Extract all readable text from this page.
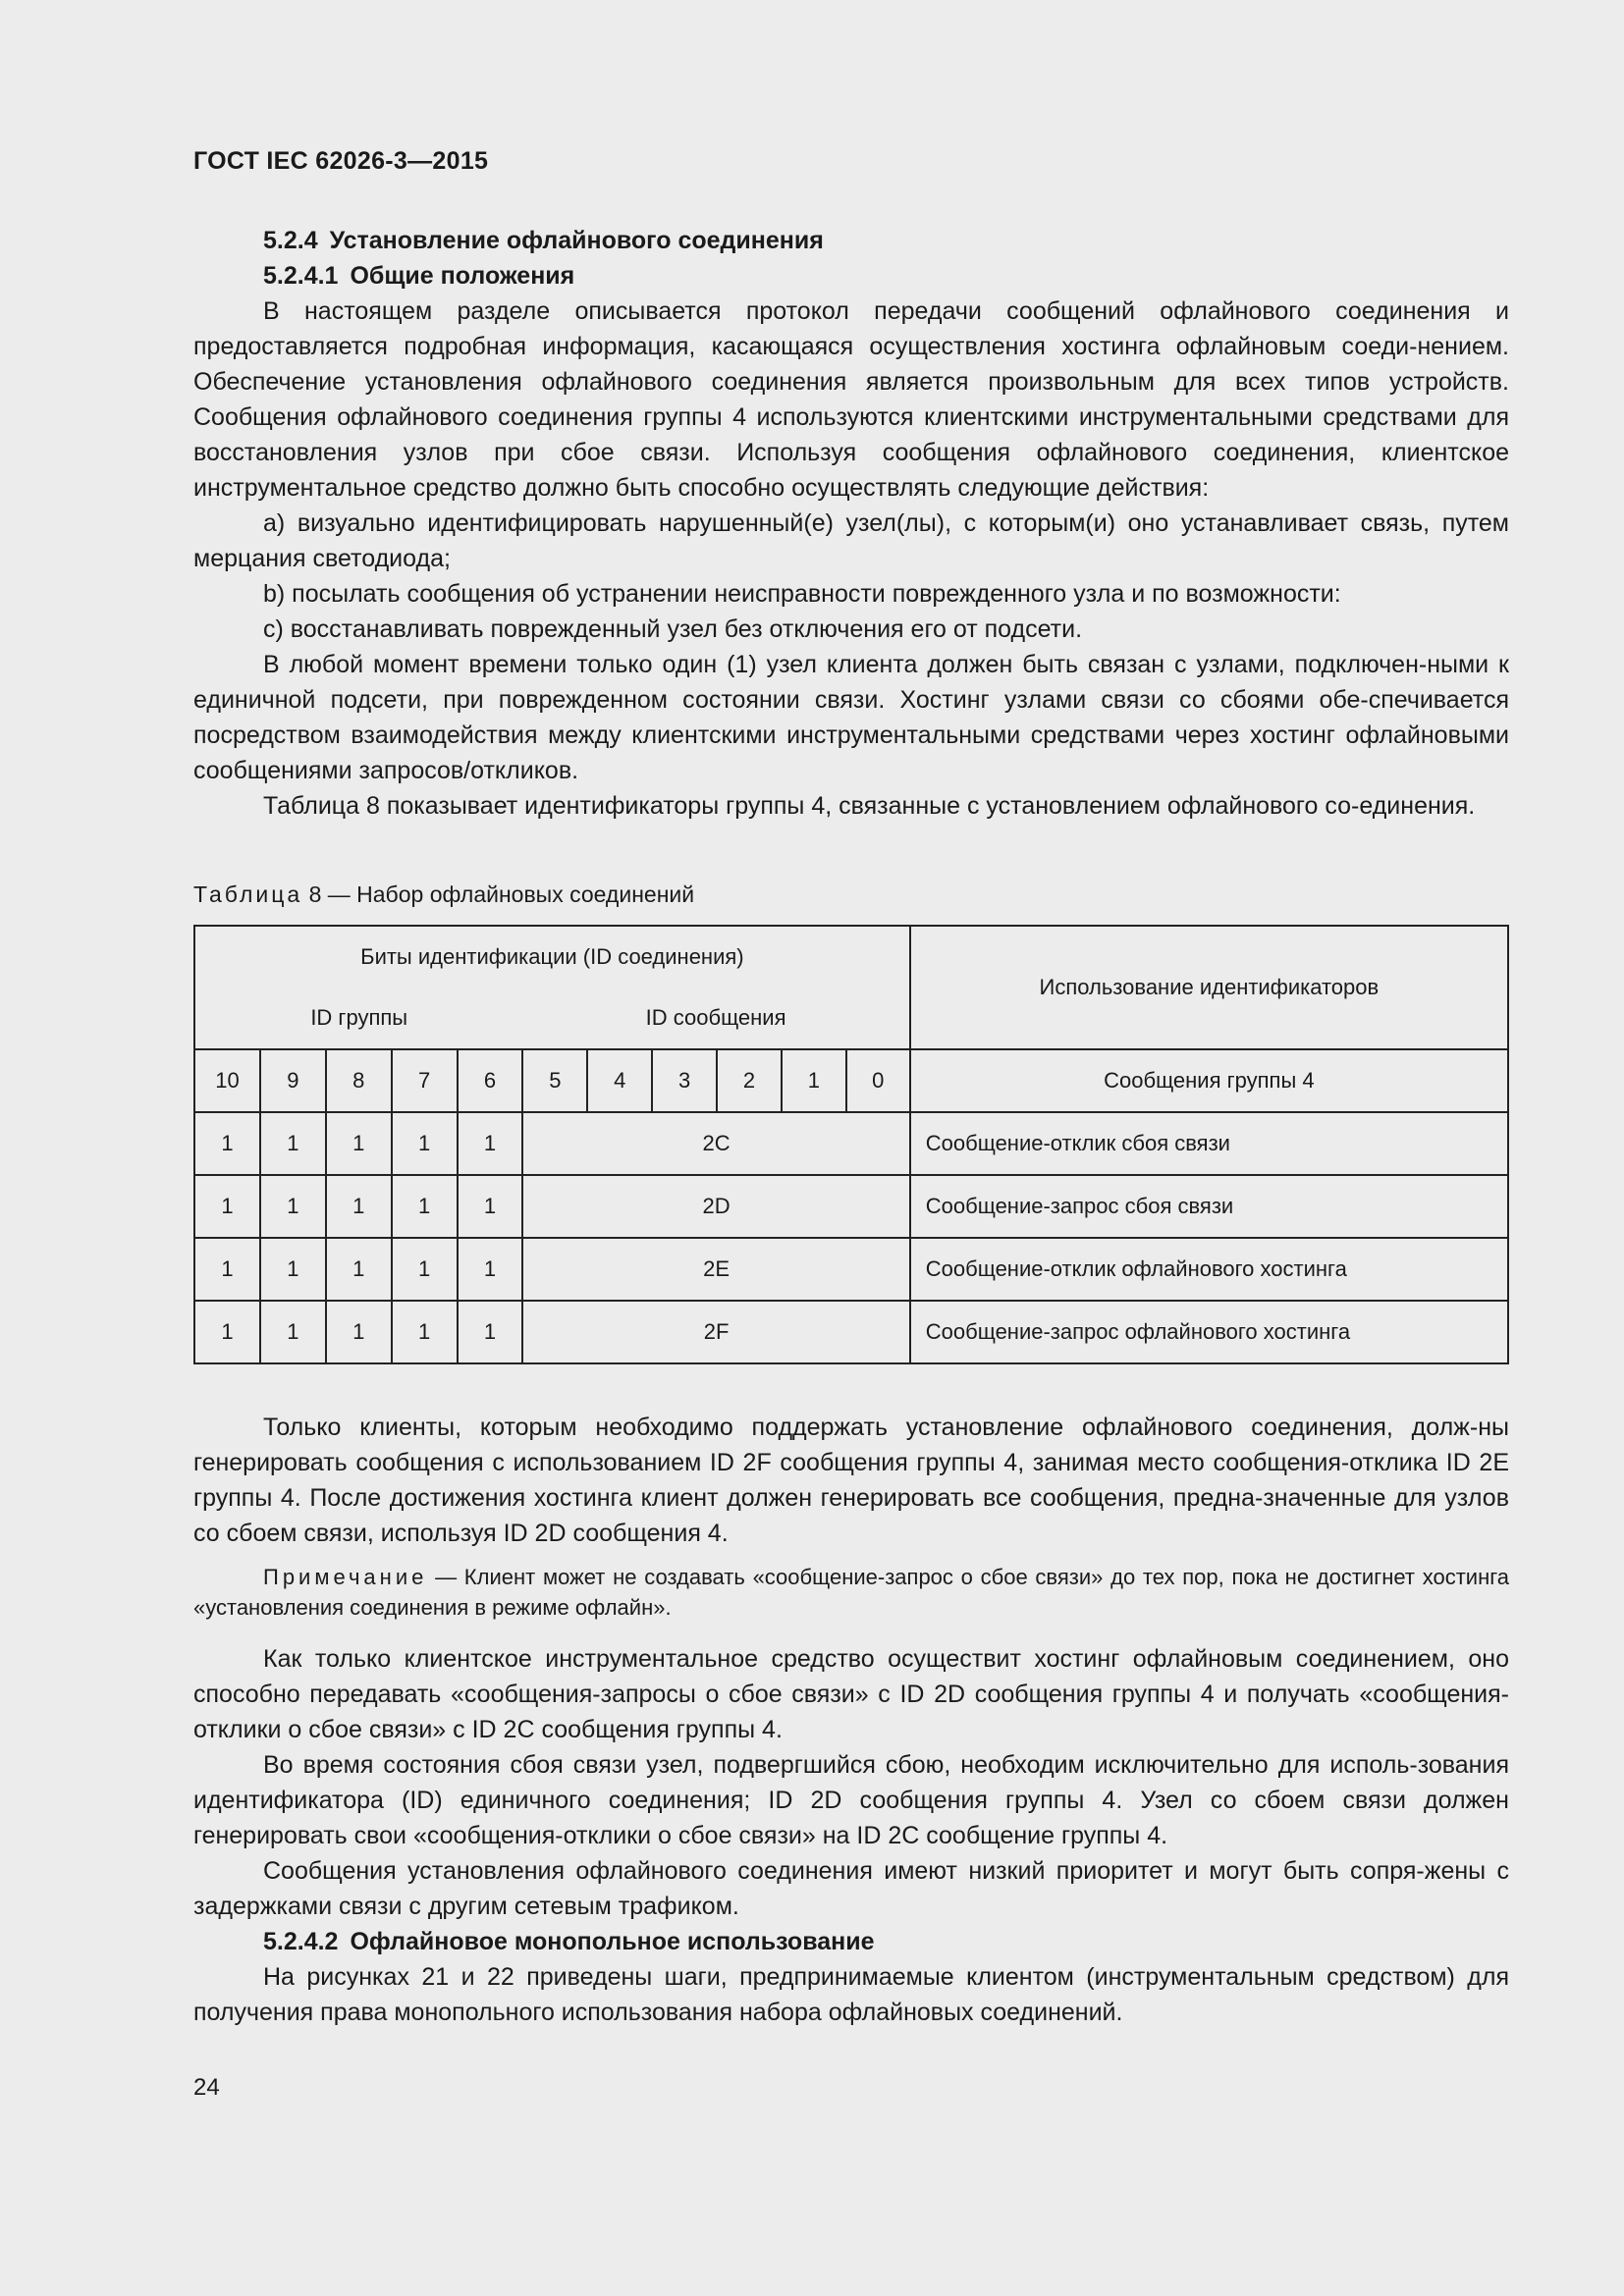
ГОСТ IEC 62026-3—2015

5.2.4 Установление офлайнового соединения

5.2.4.1 Общие положения

В настоящем разделе описывается протокол передачи сообщений офлайнового соединения и предоставляется подробная информация, касающаяся осуществления хостинга офлайновым соеди-нением. Обеспечение установления офлайнового соединения является произвольным для всех типов устройств. Сообщения офлайнового соединения группы 4 используются клиентскими инструментальными средствами для восстановления узлов при сбое связи. Используя сообщения офлайнового соединения, клиентское инструментальное средство должно быть способно осуществлять следующие действия:

a) визуально идентифицировать нарушенный(е) узел(лы), с которым(и) оно устанавливает связь, путем мерцания светодиода;

b) посылать сообщения об устранении неисправности поврежденного узла и по возможности:

c) восстанавливать поврежденный узел без отключения его от подсети.

В любой момент времени только один (1) узел клиента должен быть связан с узлами, подключен-ными к единичной подсети, при поврежденном состоянии связи. Хостинг узлами связи со сбоями обе-спечивается посредством взаимодействия между клиентскими инструментальными средствами через хостинг офлайновыми сообщениями запросов/откликов.

Таблица 8 показывает идентификаторы группы 4, связанные с установлением офлайнового со-единения.

Таблица 8 — Набор офлайновых соединений
Биты идентификации (ID соединения)											Использование идентификаторов
ID группы					ID сообщения						
10	9	8	7	6	5	4	3	2	1	0	Сообщения группы 4
1	1	1	1	1	2C						Сообщение-отклик сбоя связи
1	1	1	1	1	2D						Сообщение-запрос сбоя связи
1	1	1	1	1	2E						Сообщение-отклик офлайнового хостинга
1	1	1	1	1	2F						Сообщение-запрос офлайнового хостинга

Только клиенты, которым необходимо поддержать установление офлайнового соединения, долж-ны генерировать сообщения с использованием ID 2F сообщения группы 4, занимая место сообщения-отклика ID 2E группы 4. После достижения хостинга клиент должен генерировать все сообщения, предна-значенные для узлов со сбоем связи, используя ID 2D сообщения 4.

Примечание — Клиент может не создавать «сообщение-запрос о сбое связи» до тех пор, пока не достигнет хостинга «установления соединения в режиме офлайн».

Как только клиентское инструментальное средство осуществит хостинг офлайновым соединением, оно способно передавать «сообщения-запросы о сбое связи» с ID 2D сообщения группы 4 и получать «сообщения-отклики о сбое связи» с ID 2C сообщения группы 4.

Во время состояния сбоя связи узел, подвергшийся сбою, необходим исключительно для исполь-зования идентификатора (ID) единичного соединения; ID 2D сообщения группы 4. Узел со сбоем связи должен генерировать свои «сообщения-отклики о сбое связи» на ID 2C сообщение группы 4.

Сообщения установления офлайнового соединения имеют низкий приоритет и могут быть сопря-жены с задержками связи с другим сетевым трафиком.

5.2.4.2 Офлайновое монопольное использование

На рисунках 21 и 22 приведены шаги, предпринимаемые клиентом (инструментальным средством) для получения права монопольного использования набора офлайновых соединений.

24
